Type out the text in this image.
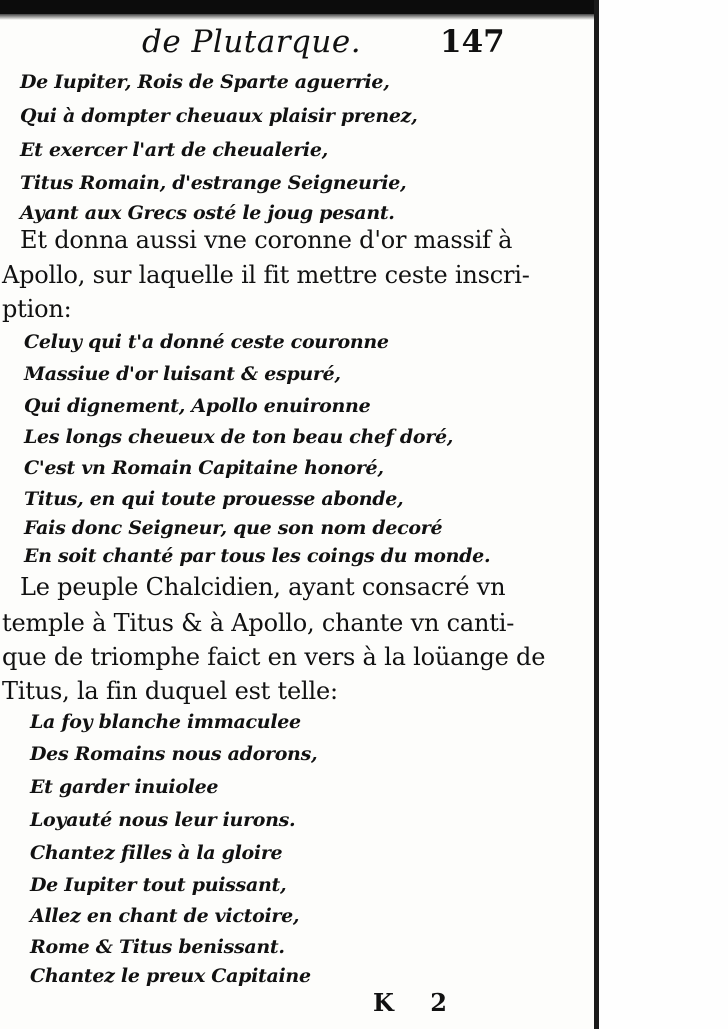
de Plutarque.	147
De Iupiter, Rois de Sparte aguerrie,
Qui à dompter cheuaux plaisir prenez,
Et exercer l'art de cheualerie,
Titus Romain, d'estrange Seigneurie,
Ayant aux Grecs osté le joug pesant.
Et donna aussi vne coronne d'or massif à
Apollo, sur laquelle il fit mettre ceste inscri-
ption:
Celuy qui t'a donné ceste couronne
Massiue d'or luisant & espuré,
Qui dignement, Apollo enuironne
Les longs cheueux de ton beau chef doré,
C'est vn Romain Capitaine honoré,
Titus, en qui toute prouesse abonde,
Fais donc Seigneur, que son nom decoré
En soit chanté par tous les coings du monde.
Le peuple Chalcidien, ayant consacré vn
temple à Titus & à Apollo, chante vn canti-
que de triomphe faict en vers à la loüange de
Titus, la fin duquel est telle:
La foy blanche immaculee
Des Romains nous adorons,
Et garder inuiolee
Loyauté nous leur iurons.
Chantez filles à la gloire
De Iupiter tout puissant,
Allez en chant de victoire,
Rome & Titus benissant.
Chantez le preux Capitaine
K 2
